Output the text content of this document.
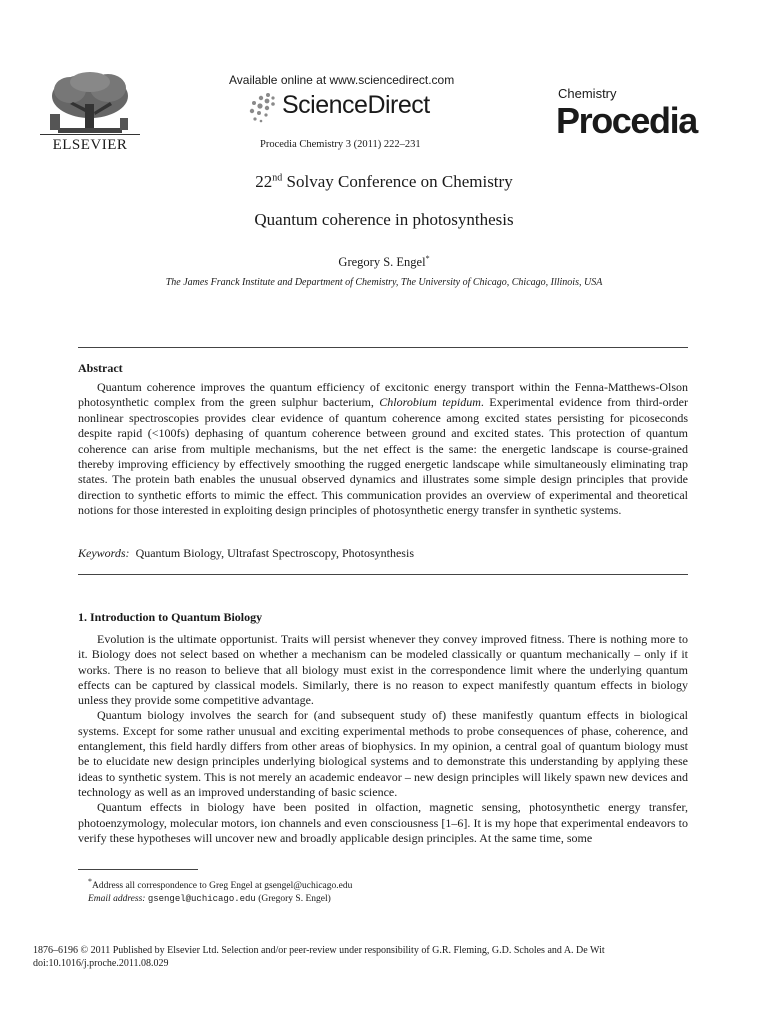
ELSEVIER
Available online at www.sciencedirect.com
ScienceDirect
Procedia Chemistry 3 (2011) 222–231
Chemistry
Procedia
22nd Solvay Conference on Chemistry
Quantum coherence in photosynthesis
Gregory S. Engel*
The James Franck Institute and Department of Chemistry, The University of Chicago, Chicago, Illinois, USA
Abstract

Quantum coherence improves the quantum efficiency of excitonic energy transport within the Fenna-Matthews-Olson photosynthetic complex from the green sulphur bacterium, Chlorobium tepidum. Experimental evidence from third-order nonlinear spectroscopies provides clear evidence of quantum coherence among excited states persisting for picoseconds despite rapid (<100fs) dephasing of quantum coherence between ground and excited states. This protection of quantum coherence can arise from multiple mechanisms, but the net effect is the same: the energetic landscape is course-grained thereby improving efficiency by effectively smoothing the rugged energetic landscape while simultaneously eliminating trap states. The protein bath enables the unusual observed dynamics and illustrates some simple design principles that provide direction to synthetic efforts to mimic the effect. This communication provides an overview of experimental and theoretical notions for those interested in exploiting design principles of photosynthetic energy transfer in synthetic systems.

Keywords: Quantum Biology, Ultrafast Spectroscopy, Photosynthesis
1. Introduction to Quantum Biology

Evolution is the ultimate opportunist. Traits will persist whenever they convey improved fitness. There is nothing more to it. Biology does not select based on whether a mechanism can be modeled classically or quantum mechanically – only if it works. There is no reason to believe that all biology must exist in the correspondence limit where the underlying quantum effects can be captured by classical models. Similarly, there is no reason to expect manifestly quantum effects in biology unless they provide some competitive advantage.

Quantum biology involves the search for (and subsequent study of) these manifestly quantum effects in biological systems. Except for some rather unusual and exciting experimental methods to probe consequences of phase, coherence, and entanglement, this field hardly differs from other areas of biophysics. In my opinion, a central goal of quantum biology must be to elucidate new design principles underlying biological systems and to demonstrate this understanding by applying these ideas to synthetic system. This is not merely an academic endeavor – new design principles will likely spawn new devices and technology as well as an improved understanding of basic science.

Quantum effects in biology have been posited in olfaction, magnetic sensing, photosynthetic energy transfer, photoenzymology, molecular motors, ion channels and even consciousness [1–6]. It is my hope that experimental endeavors to verify these hypotheses will uncover new and broadly applicable design principles. At the same time, some

*Address all correspondence to Greg Engel at gsengel@uchicago.edu
Email address: gsengel@uchicago.edu (Gregory S. Engel)
1876–6196 © 2011 Published by Elsevier Ltd. Selection and/or peer-review under responsibility of G.R. Fleming, G.D. Scholes and A. De Wit
doi:10.1016/j.proche.2011.08.029
